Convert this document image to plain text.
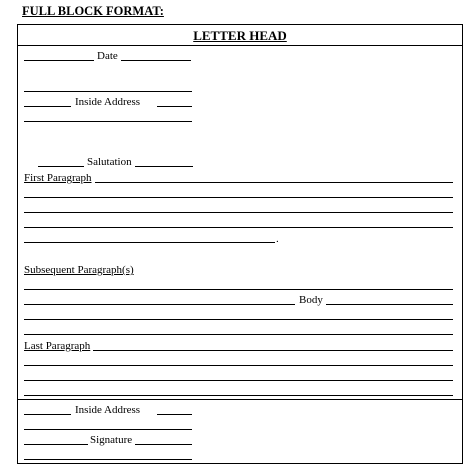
FULL BLOCK FORMAT:
LETTER HEAD
Date
Inside Address
Salutation
First Paragraph
.
Subsequent Paragraph(s)
Body
Last Paragraph
Inside Address
Signature
